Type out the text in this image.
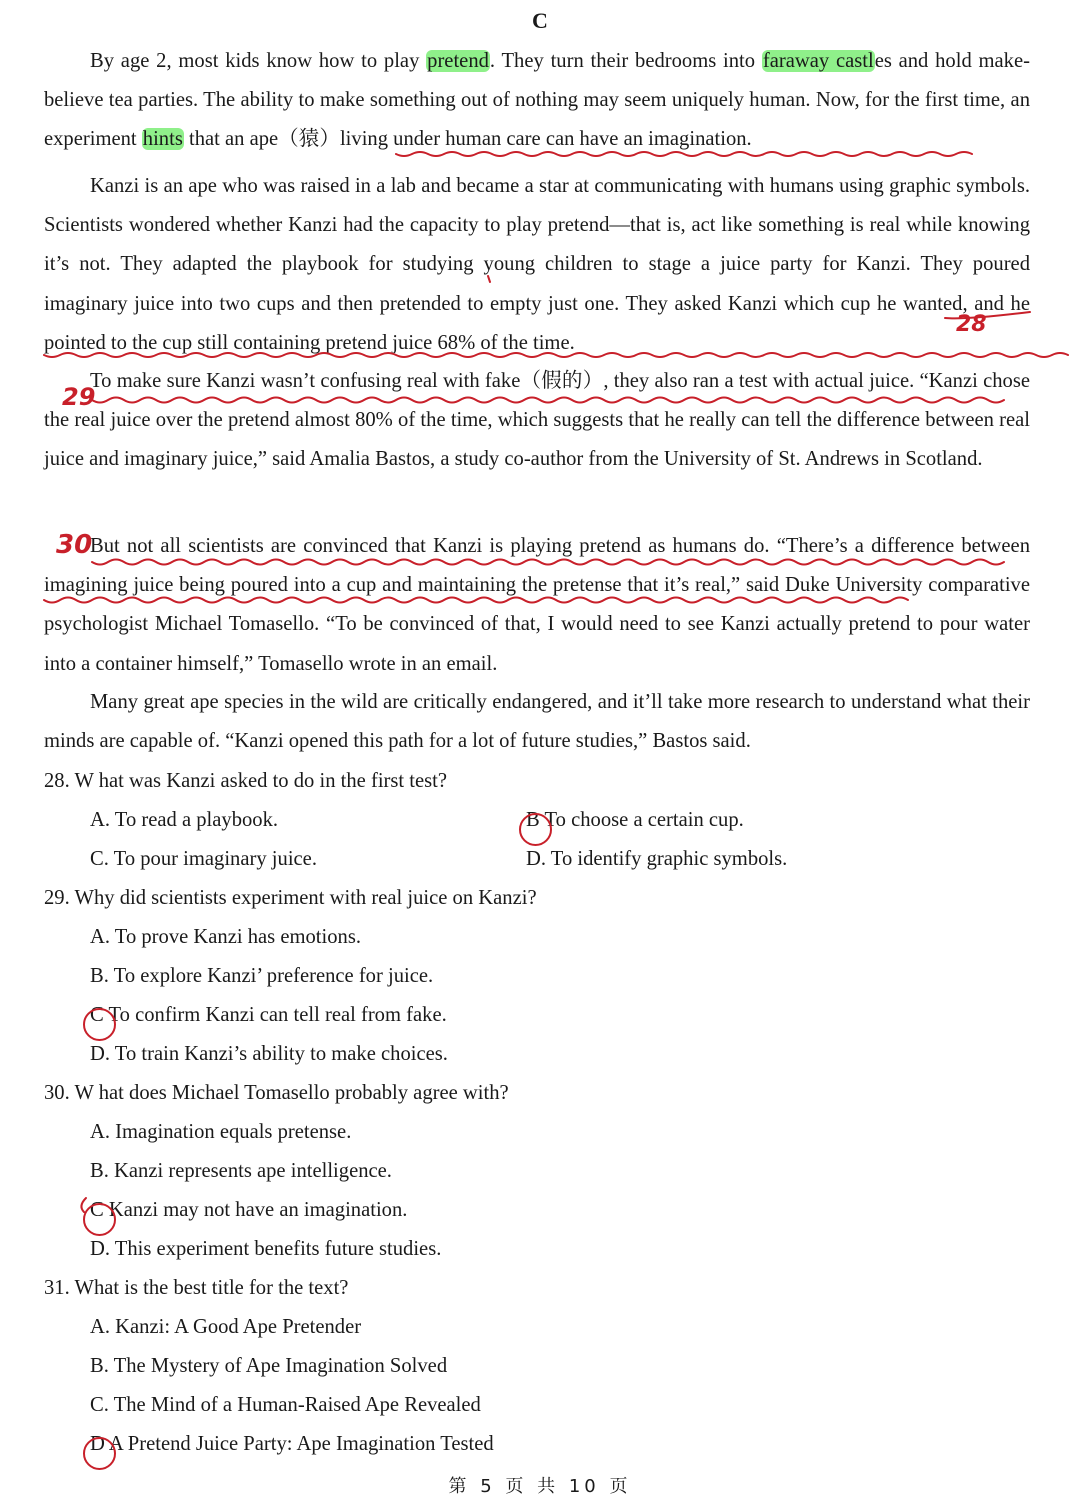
C

By age 2, most kids know how to play pretend. They turn their bedrooms into faraway castles and hold make-believe tea parties. The ability to make something out of nothing may seem uniquely human. Now, for the first time, an experiment hints that an ape（猿）living under human care can have an imagination.

Kanzi is an ape who was raised in a lab and became a star at communicating with humans using graphic symbols. Scientists wondered whether Kanzi had the capacity to play pretend—that is, act like something is real while knowing it’s not. They adapted the playbook for studying young children to stage a juice party for Kanzi. They poured imaginary juice into two cups and then pretended to empty just one. They asked Kanzi which cup he wanted, and he pointed to the cup still containing pretend juice 68% of the time.

To make sure Kanzi wasn’t confusing real with fake（假的）, they also ran a test with actual juice. “Kanzi chose the real juice over the pretend almost 80% of the time, which suggests that he really can tell the difference between real juice and imaginary juice,” said Amalia Bastos, a study co-author from the University of St. Andrews in Scotland.

But not all scientists are convinced that Kanzi is playing pretend as humans do. “There’s a difference between imagining juice being poured into a cup and maintaining the pretense that it’s real,” said Duke University comparative psychologist Michael Tomasello. “To be convinced of that, I would need to see Kanzi actually pretend to pour water into a container himself,” Tomasello wrote in an email.

Many great ape species in the wild are critically endangered, and it’ll take more research to understand what their minds are capable of. “Kanzi opened this path for a lot of future studies,” Bastos said.

28
29
30
28. W hat was Kanzi asked to do in the first test?
A. To read a playbook.	B To choose a certain cup.
C. To pour imaginary juice.	D. To identify graphic symbols.
29. Why did scientists experiment with real juice on Kanzi?
A. To prove Kanzi has emotions.
B. To explore Kanzi’ preference for juice.
C To confirm Kanzi can tell real from fake.
D. To train Kanzi’s ability to make choices.
30. W hat does Michael Tomasello probably agree with?
A. Imagination equals pretense.
B. Kanzi represents ape intelligence.
C Kanzi may not have an imagination.
D. This experiment benefits future studies.
31. What is the best title for the text?
A. Kanzi: A Good Ape Pretender
B. The Mystery of Ape Imagination Solved
C. The Mind of a Human-Raised Ape Revealed
D A Pretend Juice Party: Ape Imagination Tested
第 5 页 共 10 页
